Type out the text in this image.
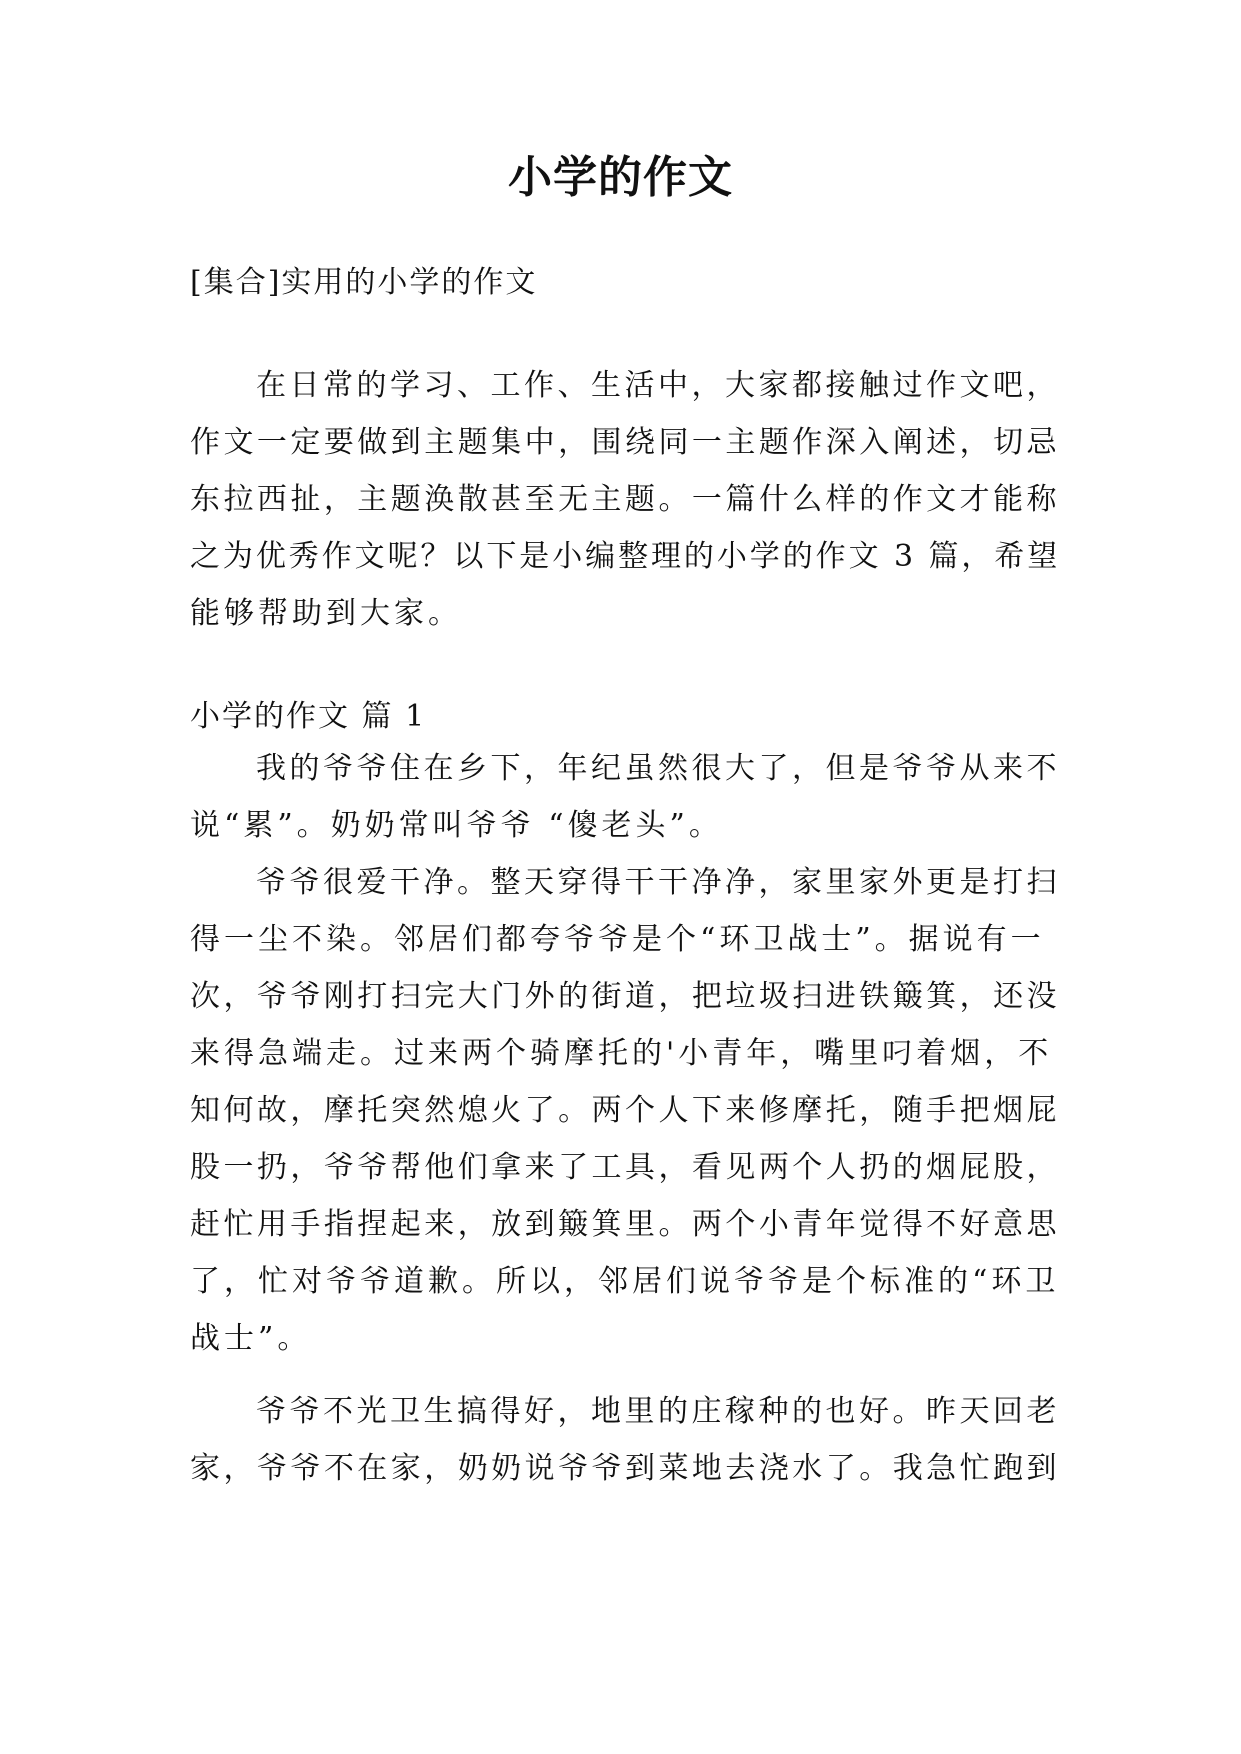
小学的作文

[集合]实用的小学的作文

在日常的学习、工作、生活中，大家都接触过作文吧，

作文一定要做到主题集中，围绕同一主题作深入阐述，切忌

东拉西扯，主题涣散甚至无主题。一篇什么样的作文才能称

之为优秀作文呢？以下是小编整理的小学的作文 3 篇，希望

能够帮助到大家。

小学的作文 篇 1

我的爷爷住在乡下，年纪虽然很大了，但是爷爷从来不

说“累”。奶奶常叫爷爷 “傻老头”。

爷爷很爱干净。整天穿得干干净净，家里家外更是打扫

得一尘不染。邻居们都夸爷爷是个“环卫战士”。据说有一

次，爷爷刚打扫完大门外的街道，把垃圾扫进铁簸箕，还没

来得急端走。过来两个骑摩托的'小青年，嘴里叼着烟，不

知何故，摩托突然熄火了。两个人下来修摩托，随手把烟屁

股一扔，爷爷帮他们拿来了工具，看见两个人扔的烟屁股，

赶忙用手指捏起来，放到簸箕里。两个小青年觉得不好意思

了，忙对爷爷道歉。所以，邻居们说爷爷是个标准的“环卫

战士”。

爷爷不光卫生搞得好，地里的庄稼种的也好。昨天回老

家，爷爷不在家，奶奶说爷爷到菜地去浇水了。我急忙跑到
